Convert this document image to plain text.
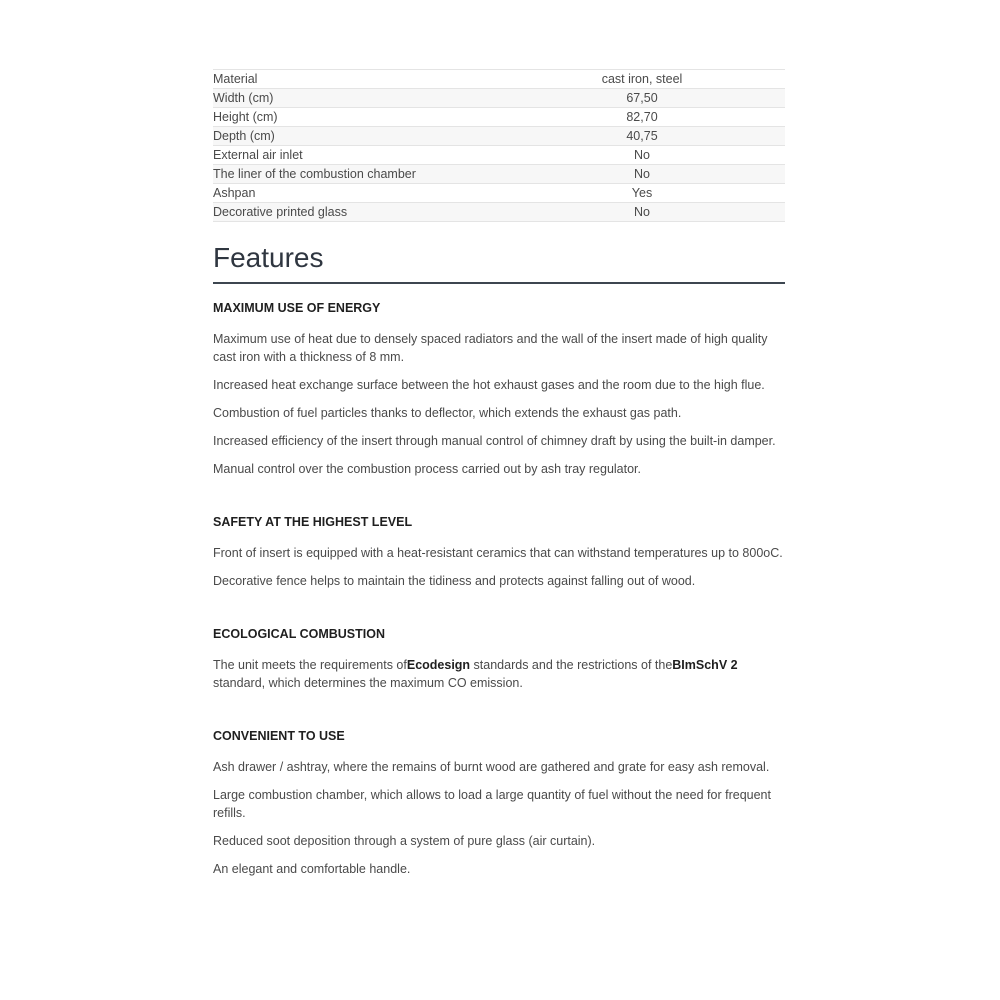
Material	cast iron, steel
Width (cm)	67,50
Height (cm)	82,70
Depth (cm)	40,75
External air inlet	No
The liner of the combustion chamber	No
Ashpan	Yes
Decorative printed glass	No
Features
MAXIMUM USE OF ENERGY

Maximum use of heat due to densely spaced radiators and the wall of the insert made of high quality cast iron with a thickness of 8 mm.

Increased heat exchange surface between the hot exhaust gases and the room due to the high flue.

Combustion of fuel particles thanks to deflector, which extends the exhaust gas path.

Increased efficiency of the insert through manual control of chimney draft by using the built-in damper.

Manual control over the combustion process carried out by ash tray regulator.

SAFETY AT THE HIGHEST LEVEL

Front of insert is equipped with a heat-resistant ceramics that can withstand temperatures up to 800oC.

Decorative fence helps to maintain the tidiness and protects against falling out of wood.

ECOLOGICAL COMBUSTION

The unit meets the requirements ofEcodesign standards and the restrictions of theBImSchV 2 standard, which determines the maximum CO emission.

CONVENIENT TO USE

Ash drawer / ashtray, where the remains of burnt wood are gathered and grate for easy ash removal.

Large combustion chamber, which allows to load a large quantity of fuel without the need for frequent refills.

Reduced soot deposition through a system of pure glass (air curtain).

An elegant and comfortable handle.
